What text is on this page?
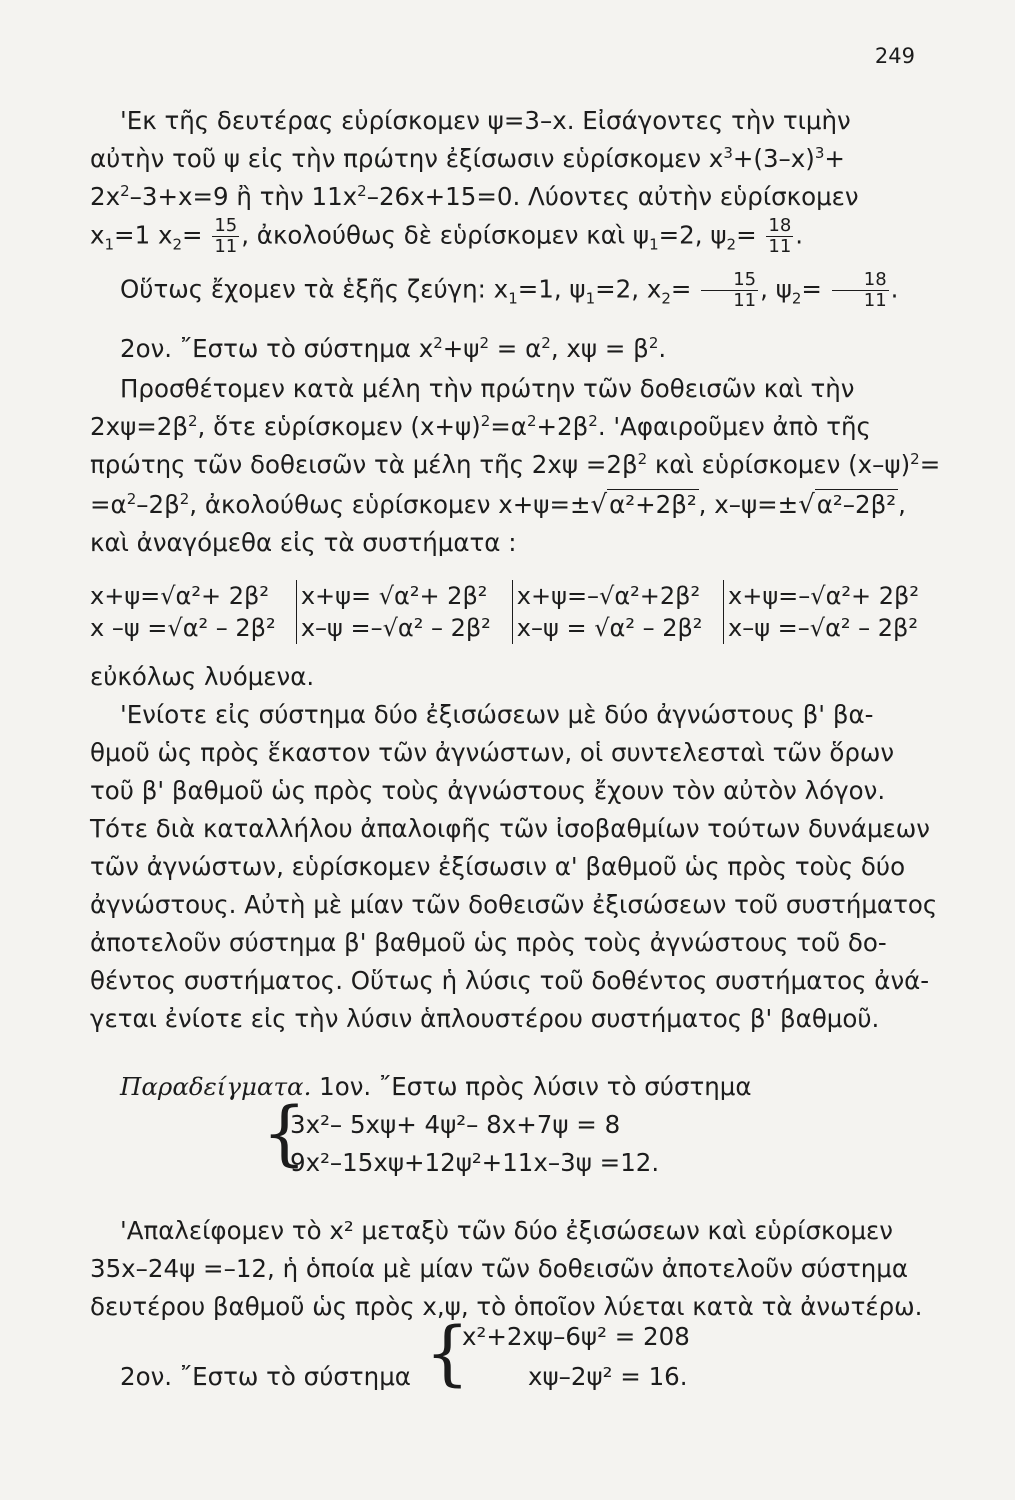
249
'Εκ τῆς δευτέρας εὑρίσκομεν ψ=3–x. Εἰσάγοντες τὴν τιμὴν
αὐτὴν τοῦ ψ εἰς τὴν πρώτην ἐξίσωσιν εὑρίσκομεν $x^3+(3-x)^3+$
$2x^2-3+x=9$ ἢ τὴν $11x^2-26x+15=0$. Λύοντες αὐτὴν εὑρίσκομεν
$x_1=1$ $x_2= \frac{15}{11}$ , ἀκολούθως δὲ εὑρίσκομεν καὶ $\psi_1=2$, $\psi_2= \frac{18}{11}$ .
Οὕτως ἔχομεν τὰ ἑξῆς ζεύγη: $x_1=1$, $\psi_1=2$, $x_2= \frac{15}{11}$ , $\psi_2= \frac{18}{11}$ .
2ον. ῎Εστω τὸ σύστημα $x^2+\psi^2 = \alpha^2$, $x\psi = \beta^2$.
Προσθέτομεν κατὰ μέλη τὴν πρώτην τῶν δοθεισῶν καὶ τὴν
$2x\psi=2\beta^2$, ὅτε εὑρίσκομεν $(x+\psi)^2=\alpha^2+2\beta^2$. 'Αφαιροῦμεν ἀπὸ τῆς
πρώτης τῶν δοθεισῶν τὰ μέλη τῆς $2x\psi =2\beta^2$ καὶ εὑρίσκομεν $(x-\psi)^2=$
$=\alpha^2-2\beta^2$, ἀκολούθως εὑρίσκομεν x+ψ=±√α²+2β², x–ψ=±√α²–2β²,
καὶ ἀναγόμεθα εἰς τὰ συστήματα :
x+ψ=√α²+ 2β²	x+ψ= √α²+ 2β²	x+ψ=–√α²+2β²	x+ψ=–√α²+ 2β²
x –ψ =√α² – 2β²	x–ψ =–√α² – 2β²	x–ψ = √α² – 2β²	x–ψ =–√α² – 2β²
εὐκόλως λυόμενα.
'Ενίοτε εἰς σύστημα δύο ἐξισώσεων μὲ δύο ἀγνώστους β' βα-
θμοῦ ὡς πρὸς ἕκαστον τῶν ἀγνώστων, οἱ συντελεσταὶ τῶν ὅρων
τοῦ β' βαθμοῦ ὡς πρὸς τοὺς ἀγνώστους ἔχουν τὸν αὐτὸν λόγον.
Τότε διὰ καταλλήλου ἀπαλοιφῆς τῶν ἰσοβαθμίων τούτων δυνάμεων
τῶν ἀγνώστων, εὑρίσκομεν ἐξίσωσιν α' βαθμοῦ ὡς πρὸς τοὺς δύο
ἀγνώστους. Αὐτὴ μὲ μίαν τῶν δοθεισῶν ἐξισώσεων τοῦ συστήματος
ἀποτελοῦν σύστημα β' βαθμοῦ ὡς πρὸς τοὺς ἀγνώστους τοῦ δο-
θέντος συστήματος. Οὕτως ἡ λύσις τοῦ δοθέντος συστήματος ἀνά-
γεται ἐνίοτε εἰς τὴν λύσιν ἁπλουστέρου συστήματος β' βαθμοῦ.
Παραδείγματα. 1ον. ῎Εστω πρὸς λύσιν τὸ σύστημα
{
3x²– 5xψ+ 4ψ²– 8x+7ψ = 8
9x²–15xψ+12ψ²+11x–3ψ =12.
'Απαλείφομεν τὸ x² μεταξὺ τῶν δύο ἐξισώσεων καὶ εὑρίσκομεν
35x–24ψ =–12, ἡ ὁποία μὲ μίαν τῶν δοθεισῶν ἀποτελοῦν σύστημα
δευτέρου βαθμοῦ ὡς πρὸς x,ψ, τὸ ὁποῖον λύεται κατὰ τὰ ἀνωτέρω.
2ον. ῎Εστω τὸ σύστημα {
x²+2xψ–6ψ² = 208
xψ–2ψ² = 16.
